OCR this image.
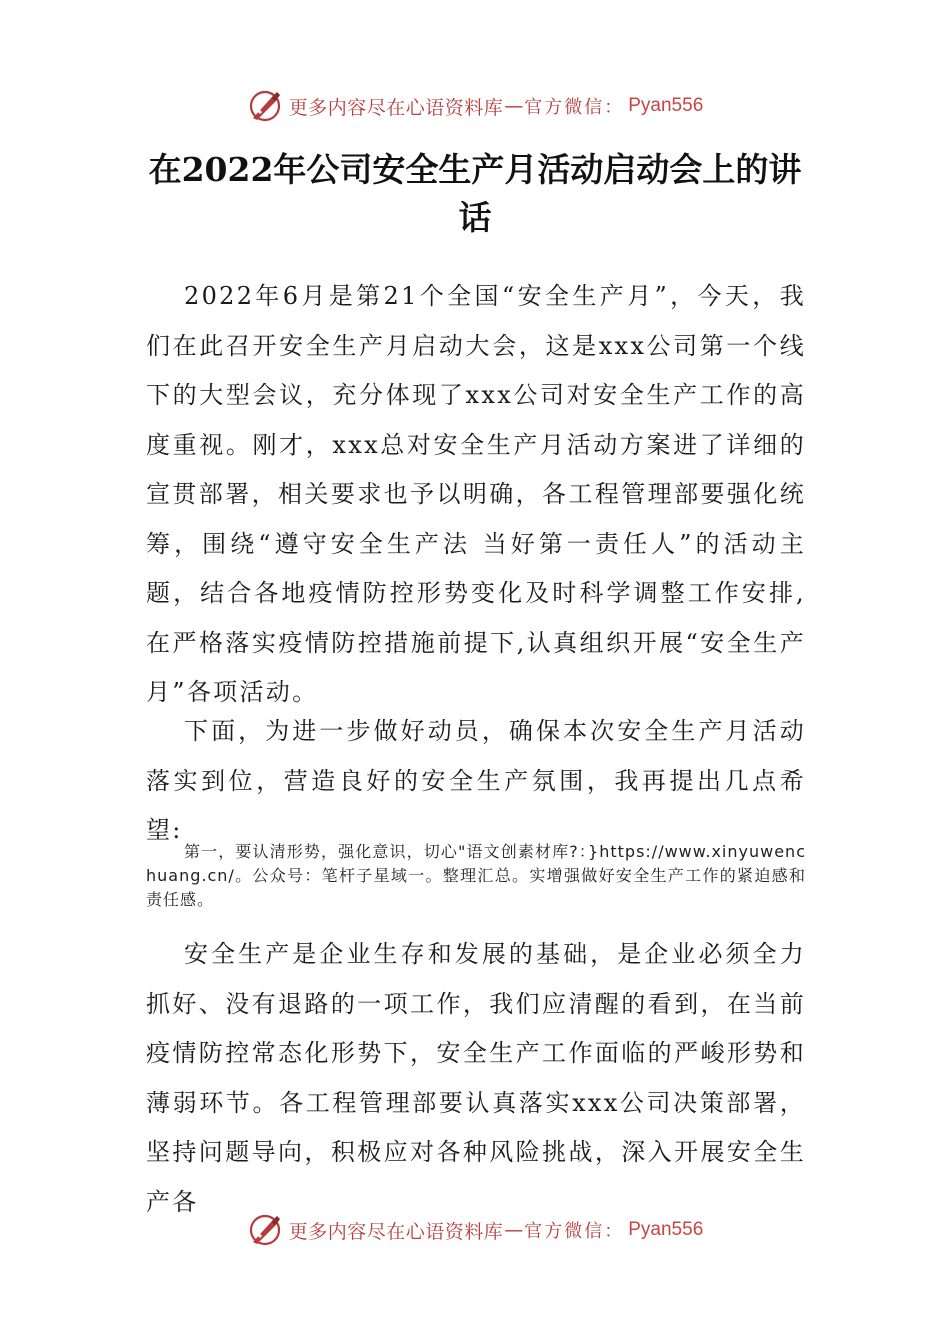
更多内容尽在心语资料库 — 官方微信： Pyan556
在2022年公司安全生产月活动启动会上的讲话

2022年6月是第21个全国“安全生产月”，今天，我们在此召开安全生产月启动大会，这是xxx公司第一个线下的大型会议，充分体现了xxx公司对安全生产工作的高度重视。刚才，xxx总对安全生产月活动方案进了详细的宣贯部署，相关要求也予以明确，各工程管理部要强化统筹，围绕“遵守安全生产法 当好第一责任人”的活动主题，结合各地疫情防控形势变化及时科学调整工作安排,在严格落实疫情防控措施前提下,认真组织开展“安全生产月”各项活动。

下面，为进一步做好动员，确保本次安全生产月活动落实到位，营造良好的安全生产氛围，我再提出几点希望:

第一，要认清形势，强化意识，切心"语文创素材库?：}https://www.xinyuwenchuang.cn/。公众号：笔杆子星域一。整理汇总。实增强做好安全生产工作的紧迫感和责任感。

安全生产是企业生存和发展的基础，是企业必须全力抓好、没有退路的一项工作，我们应清醒的看到，在当前疫情防控常态化形势下，安全生产工作面临的严峻形势和薄弱环节。各工程管理部要认真落实xxx公司决策部署，坚持问题导向，积极应对各种风险挑战，深入开展安全生产各

更多内容尽在心语资料库 — 官方微信： Pyan556
